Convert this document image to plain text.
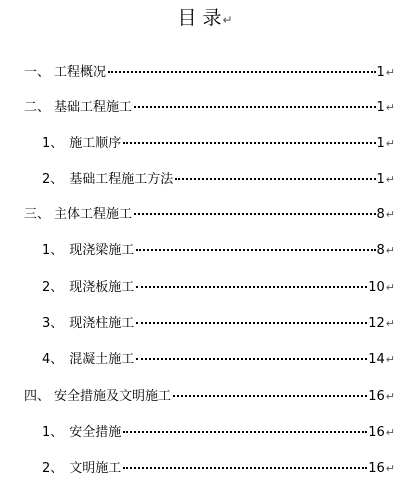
目 录↵
一、 工程概况	1 ↵
二、 基础工程施工	1 ↵
1、 施工顺序	1 ↵
2、 基础工程施工方法	1 ↵
三、 主体工程施工	8 ↵
1、 现浇梁施工	8 ↵
2、 现浇板施工	10 ↵
3、 现浇柱施工	12 ↵
4、 混凝土施工	14 ↵
四、 安全措施及文明施工	16 ↵
1、 安全措施	16 ↵
2、 文明施工	16 ↵
